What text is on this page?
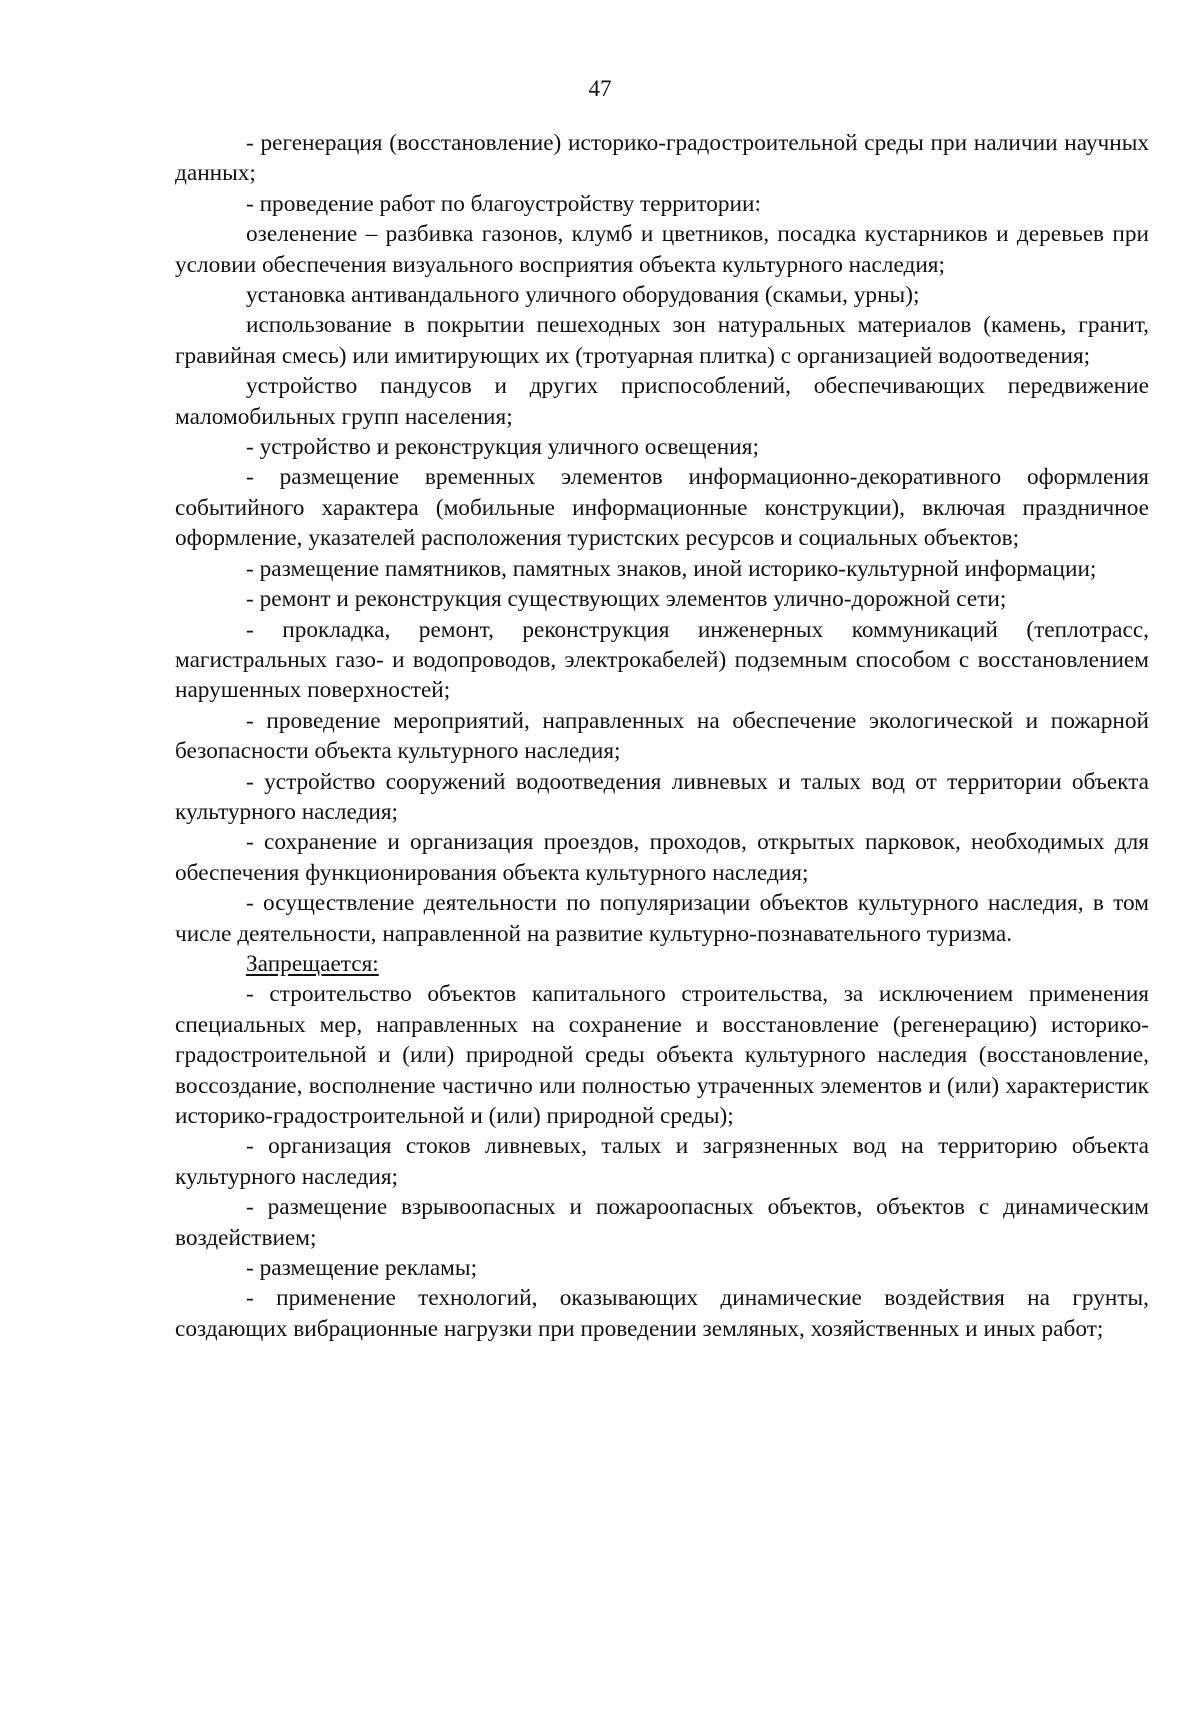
47

- регенерация (восстановление) историко-градостроительной среды при наличии научных данных;

- проведение работ по благоустройству территории:

озеленение – разбивка газонов, клумб и цветников, посадка кустарников и деревьев при условии обеспечения визуального восприятия объекта культурного наследия;

установка антивандального уличного оборудования (скамьи, урны);

использование в покрытии пешеходных зон натуральных материалов (камень, гранит, гравийная смесь) или имитирующих их (тротуарная плитка) с организацией водоотведения;

устройство пандусов и других приспособлений, обеспечивающих передвижение маломобильных групп населения;

- устройство и реконструкция уличного освещения;

- размещение временных элементов информационно-декоративного оформления событийного характера (мобильные информационные конструкции), включая праздничное оформление, указателей расположения туристских ресурсов и социальных объектов;

- размещение памятников, памятных знаков, иной историко-культурной информации;

- ремонт и реконструкция существующих элементов улично-дорожной сети;

- прокладка, ремонт, реконструкция инженерных коммуникаций (теплотрасс, магистральных газо- и водопроводов, электрокабелей) подземным способом с восстановлением нарушенных поверхностей;

- проведение мероприятий, направленных на обеспечение экологической и пожарной безопасности объекта культурного наследия;

- устройство сооружений водоотведения ливневых и талых вод от территории объекта культурного наследия;

- сохранение и организация проездов, проходов, открытых парковок, необходимых для обеспечения функционирования объекта культурного наследия;

- осуществление деятельности по популяризации объектов культурного наследия, в том числе деятельности, направленной на развитие культурно-познавательного туризма.

Запрещается:

- строительство объектов капитального строительства, за исключением применения специальных мер, направленных на сохранение и восстановление (регенерацию) историко-градостроительной и (или) природной среды объекта культурного наследия (восстановление, воссоздание, восполнение частично или полностью утраченных элементов и (или) характеристик историко-градостроительной и (или) природной среды);

- организация стоков ливневых, талых и загрязненных вод на территорию объекта культурного наследия;

- размещение взрывоопасных и пожароопасных объектов, объектов с динамическим воздействием;

- размещение рекламы;

- применение технологий, оказывающих динамические воздействия на грунты, создающих вибрационные нагрузки при проведении земляных, хозяйственных и иных работ;
